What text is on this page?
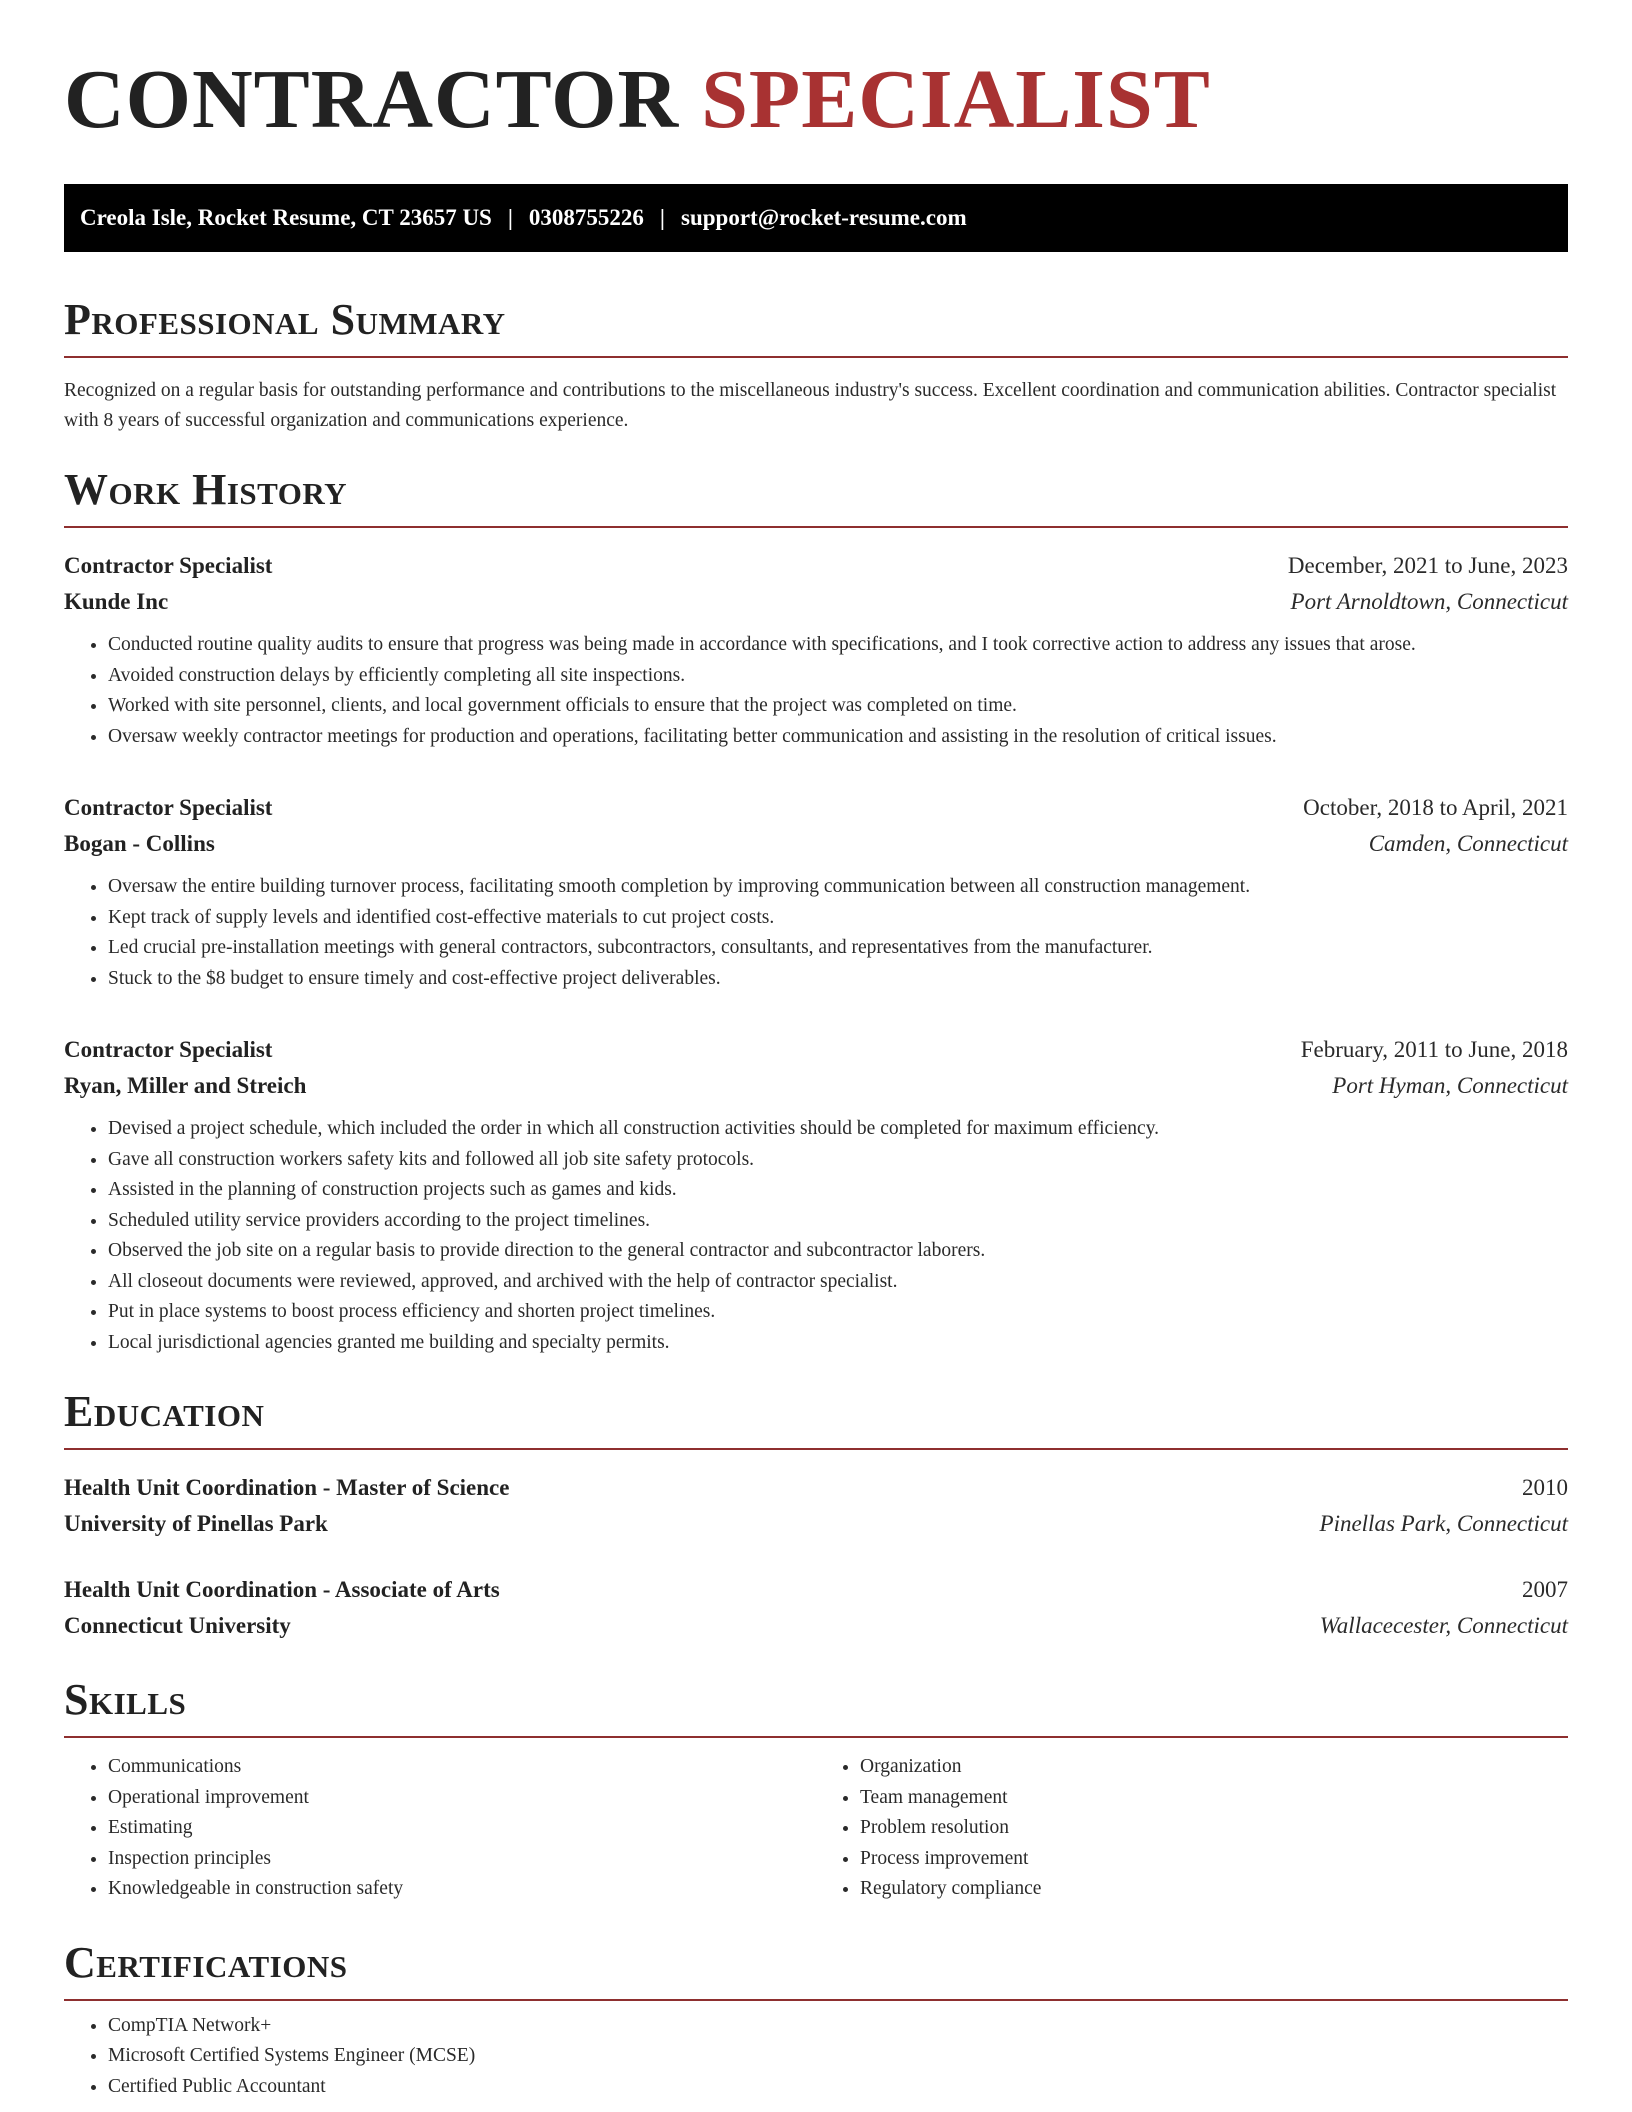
CONTRACTOR SPECIALIST
Creola Isle, Rocket Resume, CT 23657 US | 0308755226 | support@rocket-resume.com
Professional Summary

Recognized on a regular basis for outstanding performance and contributions to the miscellaneous industry's success. Excellent coordination and communication abilities. Contractor specialist with 8 years of successful organization and communications experience.

Work History
Contractor Specialist	December, 2021 to June, 2023
Kunde Inc	Port Arnoldtown, Connecticut
• Conducted routine quality audits to ensure that progress was being made in accordance with specifications, and I took corrective action to address any issues that arose.
• Avoided construction delays by efficiently completing all site inspections.
• Worked with site personnel, clients, and local government officials to ensure that the project was completed on time.
• Oversaw weekly contractor meetings for production and operations, facilitating better communication and assisting in the resolution of critical issues.
Contractor Specialist	October, 2018 to April, 2021
Bogan - Collins	Camden, Connecticut
• Oversaw the entire building turnover process, facilitating smooth completion by improving communication between all construction management.
• Kept track of supply levels and identified cost-effective materials to cut project costs.
• Led crucial pre-installation meetings with general contractors, subcontractors, consultants, and representatives from the manufacturer.
• Stuck to the $8 budget to ensure timely and cost-effective project deliverables.
Contractor Specialist	February, 2011 to June, 2018
Ryan, Miller and Streich	Port Hyman, Connecticut
• Devised a project schedule, which included the order in which all construction activities should be completed for maximum efficiency.
• Gave all construction workers safety kits and followed all job site safety protocols.
• Assisted in the planning of construction projects such as games and kids.
• Scheduled utility service providers according to the project timelines.
• Observed the job site on a regular basis to provide direction to the general contractor and subcontractor laborers.
• All closeout documents were reviewed, approved, and archived with the help of contractor specialist.
• Put in place systems to boost process efficiency and shorten project timelines.
• Local jurisdictional agencies granted me building and specialty permits.
Education
Health Unit Coordination - Master of Science	2010
University of Pinellas Park	Pinellas Park, Connecticut
Health Unit Coordination - Associate of Arts	2007
Connecticut University	Wallacecester, Connecticut
Skills
• Communications
• Operational improvement
• Estimating
• Inspection principles
• Knowledgeable in construction safety
• Organization
• Team management
• Problem resolution
• Process improvement
• Regulatory compliance
Certifications
• CompTIA Network+
• Microsoft Certified Systems Engineer (MCSE)
• Certified Public Accountant
